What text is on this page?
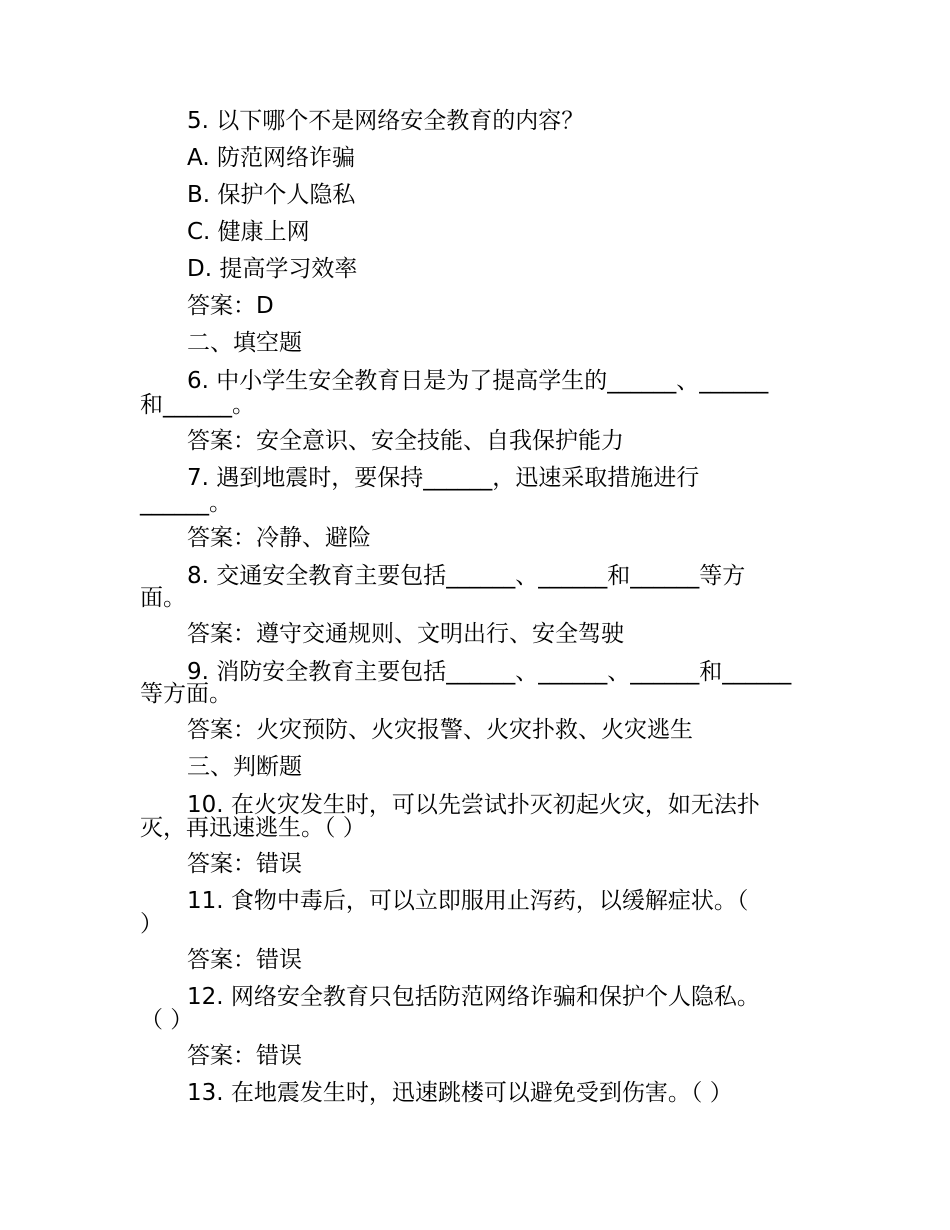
5. 以下哪个不是网络安全教育的内容？
A. 防范网络诈骗
B. 保护个人隐私
C. 健康上网
D. 提高学习效率
答案：D
二、填空题
6. 中小学生安全教育日是为了提高学生的______、______
和______。
答案：安全意识、安全技能、自我保护能力
7. 遇到地震时，要保持______，迅速采取措施进行
______。
答案：冷静、避险
8. 交通安全教育主要包括______、______和______等方
面。
答案：遵守交通规则、文明出行、安全驾驶
9. 消防安全教育主要包括______、______、______和______
等方面。
答案：火灾预防、火灾报警、火灾扑救、火灾逃生
三、判断题
10. 在火灾发生时，可以先尝试扑灭初起火灾，如无法扑
灭，再迅速逃生。（ ）
答案：错误
11. 食物中毒后，可以立即服用止泻药，以缓解症状。（
）
答案：错误
12. 网络安全教育只包括防范网络诈骗和保护个人隐私。
（ ）
答案：错误
13. 在地震发生时，迅速跳楼可以避免受到伤害。（ ）
